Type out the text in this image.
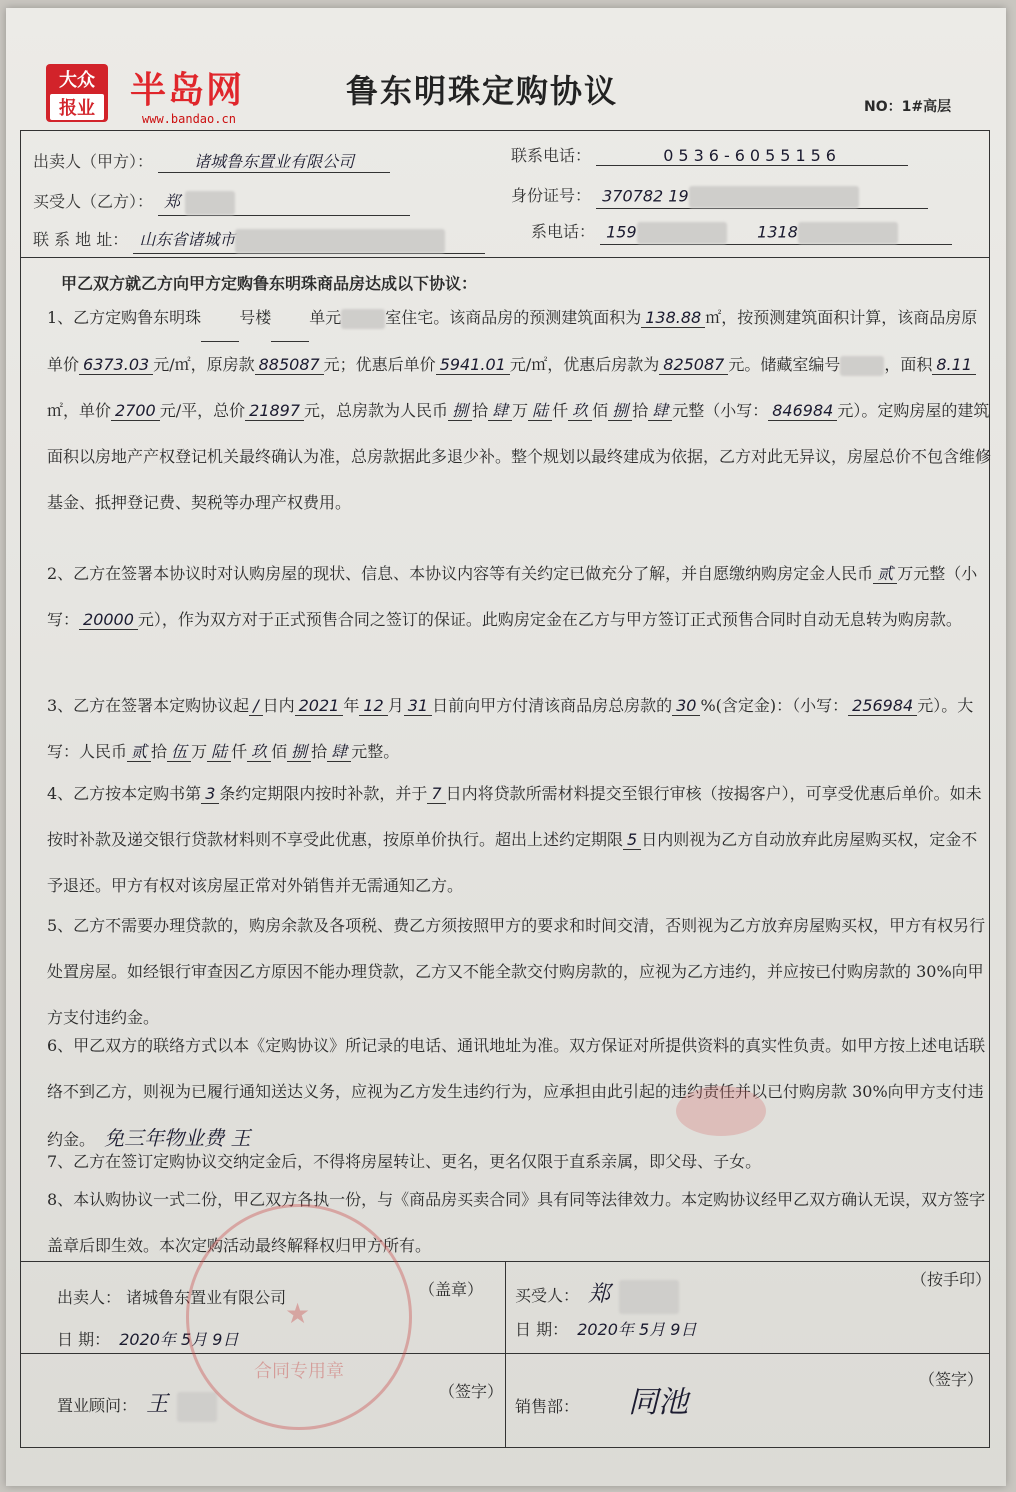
大众
报业 半岛网
www.bandao.cn
鲁东明珠定购协议	NO：1#高层
出卖人（甲方）：	诸城鲁东置业有限公司	联系电话：	0536-6055156
买受人（乙方）： 郑	身份证号： 370782 19
联 系 地 址： 山东省诸城市	系电话： 159	1318
甲乙双方就乙方向甲方定购鲁东明珠商品房达成以下协议：
1、乙方定购鲁东明珠 号楼 单元	室住宅。该商品房的预测建筑面积为 138.88 ㎡，按预测建筑面积计算，该商品房原单价 6373.03 元/㎡，原房款 885087 元；优惠后单价 5941.01 元/㎡，优惠后房款为 825087 元。储藏室编号	，面积 8.11㎡，单价 2700 元/平，总价 21897 元，总房款为人民币 捌 拾 肆 万 陆 仟 玖 佰 捌 拾 肆 元整（小写： 846984 元）。定购房屋的建筑面积以房地产产权登记机关最终确认为准，总房款据此多退少补。整个规划以最终建成为依据，乙方对此无异议，房屋总价不包含维修基金、抵押登记费、契税等办理产权费用。
2、乙方在签署本协议时对认购房屋的现状、信息、本协议内容等有关约定已做充分了解，并自愿缴纳购房定金人民币 贰 万元整（小写： 20000 元），作为双方对于正式预售合同之签订的保证。此购房定金在乙方与甲方签订正式预售合同时自动无息转为购房款。
3、乙方在签署本定购协议起 / 日内 2021 年 12 月 31 日前向甲方付清该商品房总房款的 30 %(含定金)：（小写： 256984 元）。大写：人民币 贰 拾 伍 万 陆 仟 玖 佰 捌 拾 肆 元整。
4、乙方按本定购书第 3 条约定期限内按时补款，并于 7 日内将贷款所需材料提交至银行审核（按揭客户），可享受优惠后单价。如未按时补款及递交银行贷款材料则不享受此优惠，按原单价执行。超出上述约定期限 5 日内则视为乙方自动放弃此房屋购买权，定金不予退还。甲方有权对该房屋正常对外销售并无需通知乙方。
5、乙方不需要办理贷款的，购房余款及各项税、费乙方须按照甲方的要求和时间交清，否则视为乙方放弃房屋购买权，甲方有权另行处置房屋。如经银行审查因乙方原因不能办理贷款，乙方又不能全款交付购房款的，应视为乙方违约，并应按已付购房款的 30%向甲方支付违约金。
6、甲乙双方的联络方式以本《定购协议》所记录的电话、通讯地址为准。双方保证对所提供资料的真实性负责。如甲方按上述电话联络不到乙方，则视为已履行通知送达义务，应视为乙方发生违约行为，应承担由此引起的违约责任并以已付购房款 30%向甲方支付违约金。 免三年物业费 王
7、乙方在签订定购协议交纳定金后，不得将房屋转让、更名，更名仅限于直系亲属，即父母、子女。
8、本认购协议一式二份，甲乙双方各执一份，与《商品房买卖合同》具有同等法律效力。本定购协议经甲乙双方确认无误，双方签字盖章后即生效。本次定购活动最终解释权归甲方所有。
出卖人： 诸城鲁东置业有限公司	（盖章）
日 期： 2020年 5月 9日
买受人： 郑
（按手印）
日 期： 2020年 5月 9日
置业顾问： 王
（签字）
销售部： 同池
（签字）
★
合同专用章
